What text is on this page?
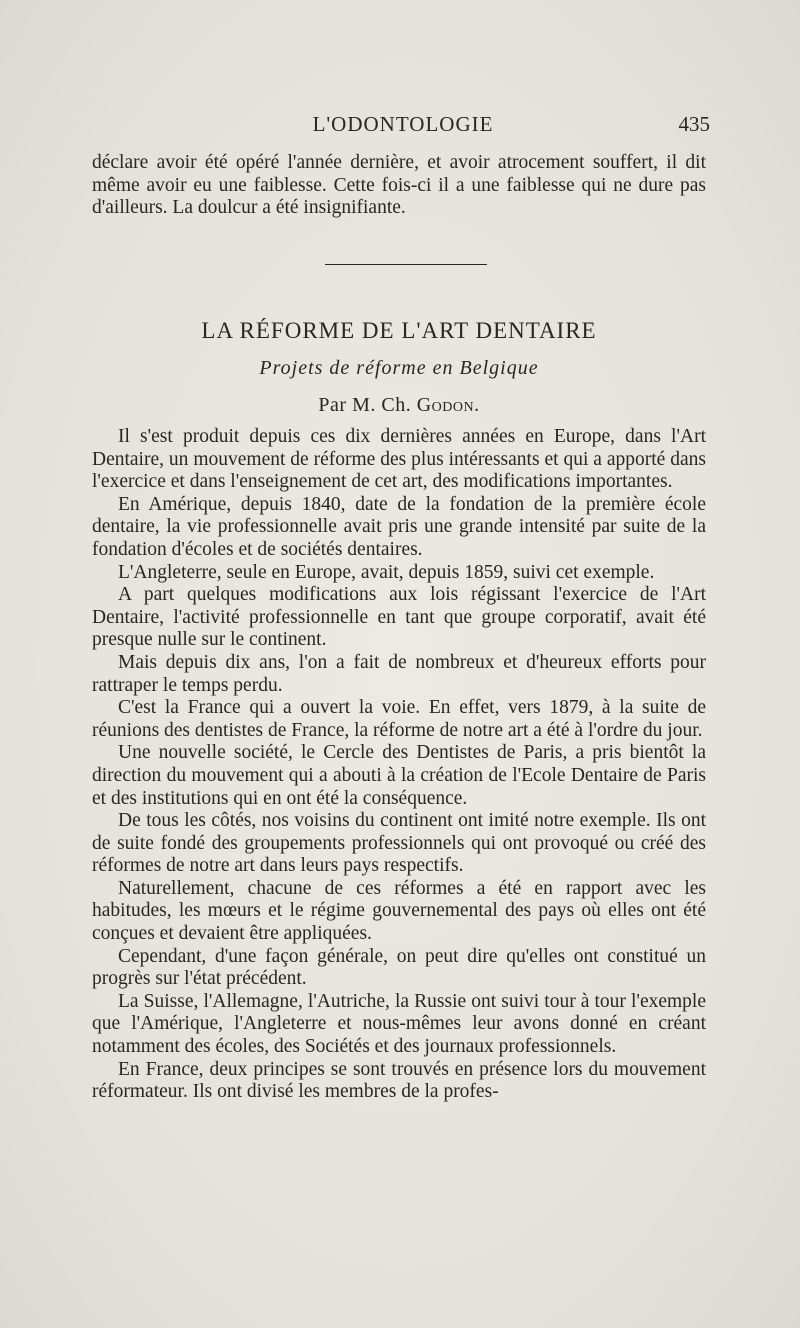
L'ODONTOLOGIE	435

déclare avoir été opéré l'année dernière, et avoir atrocement souffert, il dit même avoir eu une faiblesse. Cette fois-ci il a une faiblesse qui ne dure pas d'ailleurs. La doulcur a été insignifiante.

LA RÉFORME DE L'ART DENTAIRE
Projets de réforme en Belgique
Par M. Ch. Godon.

Il s'est produit depuis ces dix dernières années en Europe, dans l'Art Dentaire, un mouvement de réforme des plus intéressants et qui a apporté dans l'exercice et dans l'enseignement de cet art, des modifications importantes.

En Amérique, depuis 1840, date de la fondation de la première école dentaire, la vie professionnelle avait pris une grande intensité par suite de la fondation d'écoles et de sociétés dentaires.

L'Angleterre, seule en Europe, avait, depuis 1859, suivi cet exemple.

A part quelques modifications aux lois régissant l'exercice de l'Art Dentaire, l'activité professionnelle en tant que groupe corporatif, avait été presque nulle sur le continent.

Mais depuis dix ans, l'on a fait de nombreux et d'heureux efforts pour rattraper le temps perdu.

C'est la France qui a ouvert la voie. En effet, vers 1879, à la suite de réunions des dentistes de France, la réforme de notre art a été à l'ordre du jour.

Une nouvelle société, le Cercle des Dentistes de Paris, a pris bientôt la direction du mouvement qui a abouti à la création de l'Ecole Dentaire de Paris et des institutions qui en ont été la conséquence.

De tous les côtés, nos voisins du continent ont imité notre exemple. Ils ont de suite fondé des groupements professionnels qui ont provoqué ou créé des réformes de notre art dans leurs pays respectifs.

Naturellement, chacune de ces réformes a été en rapport avec les habitudes, les mœurs et le régime gouvernemental des pays où elles ont été conçues et devaient être appliquées.

Cependant, d'une façon générale, on peut dire qu'elles ont constitué un progrès sur l'état précédent.

La Suisse, l'Allemagne, l'Autriche, la Russie ont suivi tour à tour l'exemple que l'Amérique, l'Angleterre et nous-mêmes leur avons donné en créant notamment des écoles, des Sociétés et des journaux professionnels.

En France, deux principes se sont trouvés en présence lors du mouvement réformateur. Ils ont divisé les membres de la profes-
